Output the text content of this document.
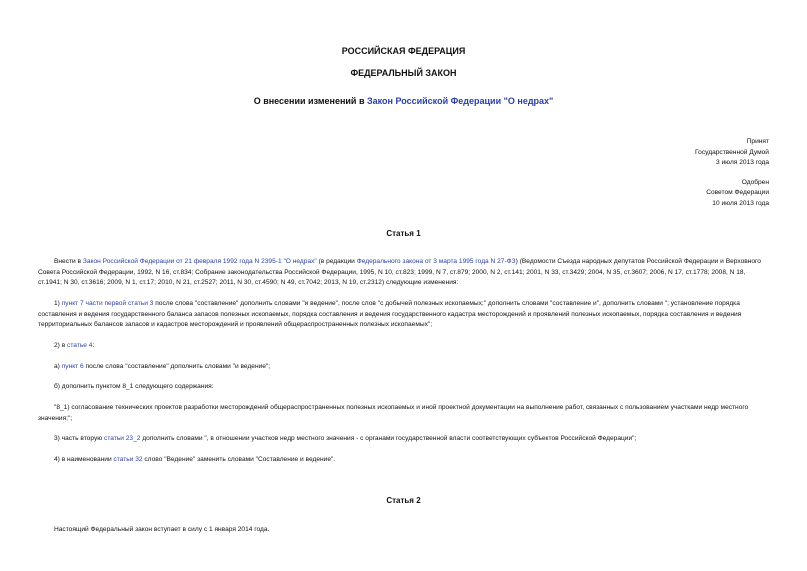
РОССИЙСКАЯ ФЕДЕРАЦИЯ
ФЕДЕРАЛЬНЫЙ ЗАКОН
О внесении изменений в Закон Российской Федерации "О недрах"
Принят
Государственной Думой
3 июля 2013 года
Одобрен
Советом Федерации
10 июля 2013 года
Статья 1

Внести в Закон Российской Федерации от 21 февраля 1992 года N 2395-1 "О недрах" (в редакции Федерального закона от 3 марта 1995 года N 27-ФЗ) (Ведомости Съезда народных депутатов Российской Федерации и Верховного Совета Российской Федерации, 1992, N 16, ст.834; Собрание законодательства Российской Федерации, 1995, N 10, ст.823; 1999, N 7, ст.879; 2000, N 2, ст.141; 2001, N 33, ст.3429; 2004, N 35, ст.3607; 2006, N 17, ст.1778; 2008, N 18, ст.1941; N 30, ст.3616; 2009, N 1, ст.17; 2010, N 21, ст.2527; 2011, N 30, ст.4590; N 49, ст.7042; 2013, N 19, ст.2312) следующие изменения:

1) пункт 7 части первой статьи 3 после слова "составление" дополнить словами "и ведение", после слов "с добычей полезных ископаемых;" дополнить словами "составление и", дополнить словами "; установление порядка составления и ведения государственного баланса запасов полезных ископаемых, порядка составления и ведения государственного кадастра месторождений и проявлений полезных ископаемых, порядка составления и ведения территориальных балансов запасов и кадастров месторождений и проявлений общераспространенных полезных ископаемых";

2) в статье 4:

а) пункт 6 после слова "составление" дополнить словами "и ведение";

б) дополнить пунктом 8_1 следующего содержания:

"8_1) согласование технических проектов разработки месторождений общераспространенных полезных ископаемых и иной проектной документации на выполнение работ, связанных с пользованием участками недр местного значения;";

3) часть вторую статьи 23_2 дополнить словами ", в отношении участков недр местного значения - с органами государственной власти соответствующих субъектов Российской Федерации";

4) в наименовании статьи 32 слово "Ведение" заменить словами "Составление и ведение".

Статья 2

Настоящий Федеральный закон вступает в силу с 1 января 2014 года.
